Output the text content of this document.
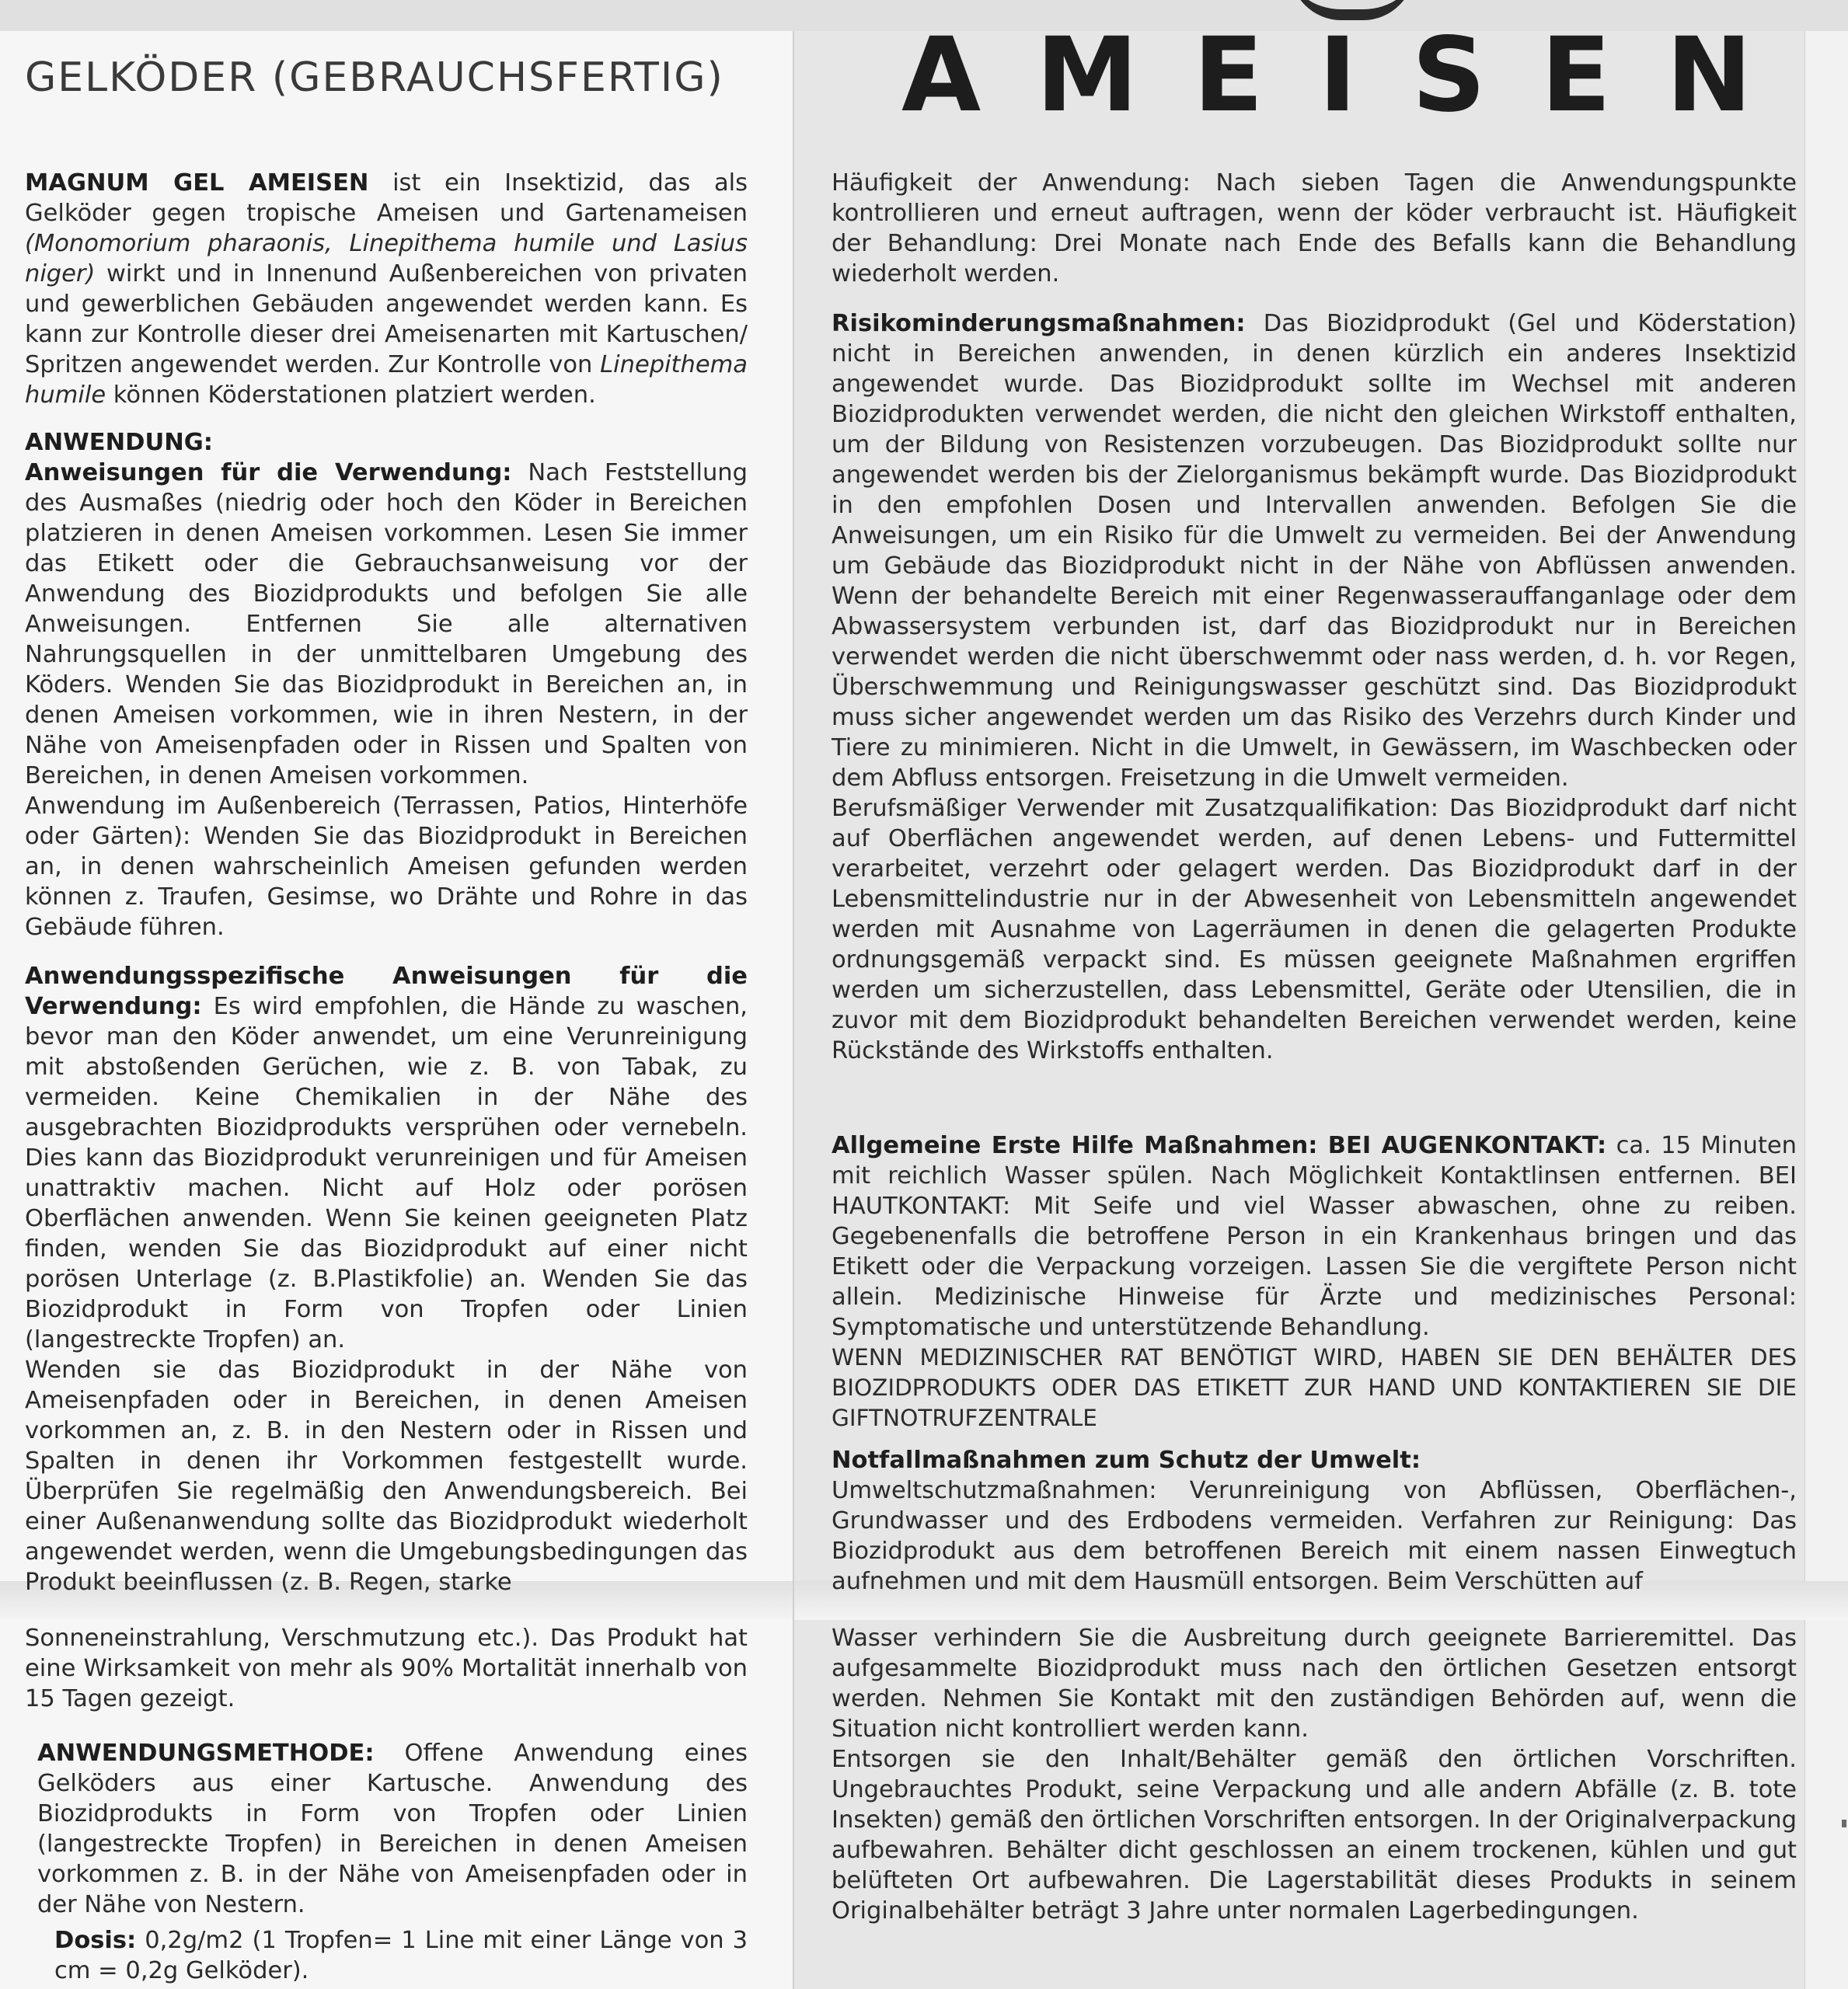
GELKÖDER (GEBRAUCHSFERTIG) AMEISEN

MAGNUM GEL AMEISEN ist ein Insektizid, das als Gelköder gegen tropische Ameisen und Gartenameisen (Monomorium pharaonis, Linepithema humile und Lasius niger) wirkt und in Innenund Außenbereichen von privaten und gewerblichen Gebäuden angewendet werden kann. Es kann zur Kontrolle dieser drei Ameisenarten mit Kartuschen/ Spritzen angewendet werden. Zur Kontrolle von Linepithema humile können Köderstationen platziert werden.

ANWENDUNG:
Anweisungen für die Verwendung: Nach Feststellung des Ausmaßes (niedrig oder hoch den Köder in Bereichen platzieren in denen Ameisen vorkommen. Lesen Sie immer das Etikett oder die Gebrauchsanweisung vor der Anwendung des Biozidprodukts und befolgen Sie alle Anweisungen. Entfernen Sie alle alternativen Nahrungsquellen in der unmittelbaren Umgebung des Köders. Wenden Sie das Biozidprodukt in Bereichen an, in denen Ameisen vorkommen, wie in ihren Nestern, in der Nähe von Ameisenpfaden oder in Rissen und Spalten von Bereichen, in denen Ameisen vorkommen.
Anwendung im Außenbereich (Terrassen, Patios, Hinterhöfe oder Gärten): Wenden Sie das Biozidprodukt in Bereichen an, in denen wahrscheinlich Ameisen gefunden werden können z. Traufen, Gesimse, wo Drähte und Rohre in das Gebäude führen.

Anwendungsspezifische Anweisungen für die Verwendung: Es wird empfohlen, die Hände zu waschen, bevor man den Köder anwendet, um eine Verunreinigung mit abstoßenden Gerüchen, wie z. B. von Tabak, zu vermeiden. Keine Chemikalien in der Nähe des ausgebrachten Biozidprodukts versprühen oder vernebeln. Dies kann das Biozidprodukt verunreinigen und für Ameisen unattraktiv machen. Nicht auf Holz oder porösen Oberflächen anwenden. Wenn Sie keinen geeigneten Platz finden, wenden Sie das Biozidprodukt auf einer nicht porösen Unterlage (z. B.Plastikfolie) an. Wenden Sie das Biozidprodukt in Form von Tropfen oder Linien (langestreckte Tropfen) an.
Wenden sie das Biozidprodukt in der Nähe von Ameisenpfaden oder in Bereichen, in denen Ameisen vorkommen an, z. B. in den Nestern oder in Rissen und Spalten in denen ihr Vorkommen festgestellt wurde. Überprüfen Sie regelmäßig den Anwendungsbereich. Bei einer Außenanwendung sollte das Biozidprodukt wiederholt angewendet werden, wenn die Umgebungsbedingungen das Produkt beeinflussen (z. B. Regen, starke

Sonneneinstrahlung, Verschmutzung etc.). Das Produkt hat eine Wirksamkeit von mehr als 90% Mortalität innerhalb von 15 Tagen gezeigt.

ANWENDUNGSMETHODE: Offene Anwendung eines Gelköders aus einer Kartusche. Anwendung des Biozidprodukts in Form von Tropfen oder Linien (langestreckte Tropfen) in Bereichen in denen Ameisen vorkommen z. B. in der Nähe von Ameisenpfaden oder in der Nähe von Nestern.

Dosis: 0,2g/m2 (1 Tropfen= 1 Line mit einer Länge von 3 cm = 0,2g Gelköder).

Häufigkeit der Anwendung: Nach sieben Tagen die Anwendungspunkte kontrollieren und erneut auftragen, wenn der köder verbraucht ist. Häufigkeit der Behandlung: Drei Monate nach Ende des Befalls kann die Behandlung wiederholt werden.

Risikominderungsmaßnahmen: Das Biozidprodukt (Gel und Köderstation) nicht in Bereichen anwenden, in denen kürzlich ein anderes Insektizid angewendet wurde. Das Biozidprodukt sollte im Wechsel mit anderen Biozidprodukten verwendet werden, die nicht den gleichen Wirkstoff enthalten, um der Bildung von Resistenzen vorzubeugen. Das Biozidprodukt sollte nur angewendet werden bis der Zielorganismus bekämpft wurde. Das Biozidprodukt in den empfohlen Dosen und Intervallen anwenden. Befolgen Sie die Anweisungen, um ein Risiko für die Umwelt zu vermeiden. Bei der Anwendung um Gebäude das Biozidprodukt nicht in der Nähe von Abflüssen anwenden. Wenn der behandelte Bereich mit einer Regenwasserauffanganlage oder dem Abwassersystem verbunden ist, darf das Biozidprodukt nur in Bereichen verwendet werden die nicht überschwemmt oder nass werden, d. h. vor Regen, Überschwemmung und Reinigungswasser geschützt sind. Das Biozidprodukt muss sicher angewendet werden um das Risiko des Verzehrs durch Kinder und Tiere zu minimieren. Nicht in die Umwelt, in Gewässern, im Waschbecken oder dem Abfluss entsorgen. Freisetzung in die Umwelt vermeiden.
Berufsmäßiger Verwender mit Zusatzqualifikation: Das Biozidprodukt darf nicht auf Oberflächen angewendet werden, auf denen Lebens- und Futtermittel verarbeitet, verzehrt oder gelagert werden. Das Biozidprodukt darf in der Lebensmittelindustrie nur in der Abwesenheit von Lebensmitteln angewendet werden mit Ausnahme von Lagerräumen in denen die gelagerten Produkte ordnungsgemäß verpackt sind. Es müssen geeignete Maßnahmen ergriffen werden um sicherzustellen, dass Lebensmittel, Geräte oder Utensilien, die in zuvor mit dem Biozidprodukt behandelten Bereichen verwendet werden, keine Rückstände des Wirkstoffs enthalten.

Allgemeine Erste Hilfe Maßnahmen: BEI AUGENKONTAKT: ca. 15 Minuten mit reichlich Wasser spülen. Nach Möglichkeit Kontaktlinsen entfernen. BEI HAUTKONTAKT: Mit Seife und viel Wasser abwaschen, ohne zu reiben. Gegebenenfalls die betroffene Person in ein Krankenhaus bringen und das Etikett oder die Verpackung vorzeigen. Lassen Sie die vergiftete Person nicht allein. Medizinische Hinweise für Ärzte und medizinisches Personal: Symptomatische und unterstützende Behandlung.
WENN MEDIZINISCHER RAT BENÖTIGT WIRD, HABEN SIE DEN BEHÄLTER DES BIOZIDPRODUKTS ODER DAS ETIKETT ZUR HAND UND KONTAKTIEREN SIE DIE GIFTNOTRUFZENTRALE

Notfallmaßnahmen zum Schutz der Umwelt:
Umweltschutzmaßnahmen: Verunreinigung von Abflüssen, Oberflächen-, Grundwasser und des Erdbodens vermeiden. Verfahren zur Reinigung: Das Biozidprodukt aus dem betroffenen Bereich mit einem nassen Einwegtuch aufnehmen und mit dem Hausmüll entsorgen. Beim Verschütten auf

Wasser verhindern Sie die Ausbreitung durch geeignete Barrieremittel. Das aufgesammelte Biozidprodukt muss nach den örtlichen Gesetzen entsorgt werden. Nehmen Sie Kontakt mit den zuständigen Behörden auf, wenn die Situation nicht kontrolliert werden kann.

Entsorgen sie den Inhalt/Behälter gemäß den örtlichen Vorschriften. Ungebrauchtes Produkt, seine Verpackung und alle andern Abfälle (z. B. tote Insekten) gemäß den örtlichen Vorschriften entsorgen. In der Originalverpackung aufbewahren. Behälter dicht geschlossen an einem trockenen, kühlen und gut belüfteten Ort aufbewahren. Die Lagerstabilität dieses Produkts in seinem Originalbehälter beträgt 3 Jahre unter normalen Lagerbedingungen.
